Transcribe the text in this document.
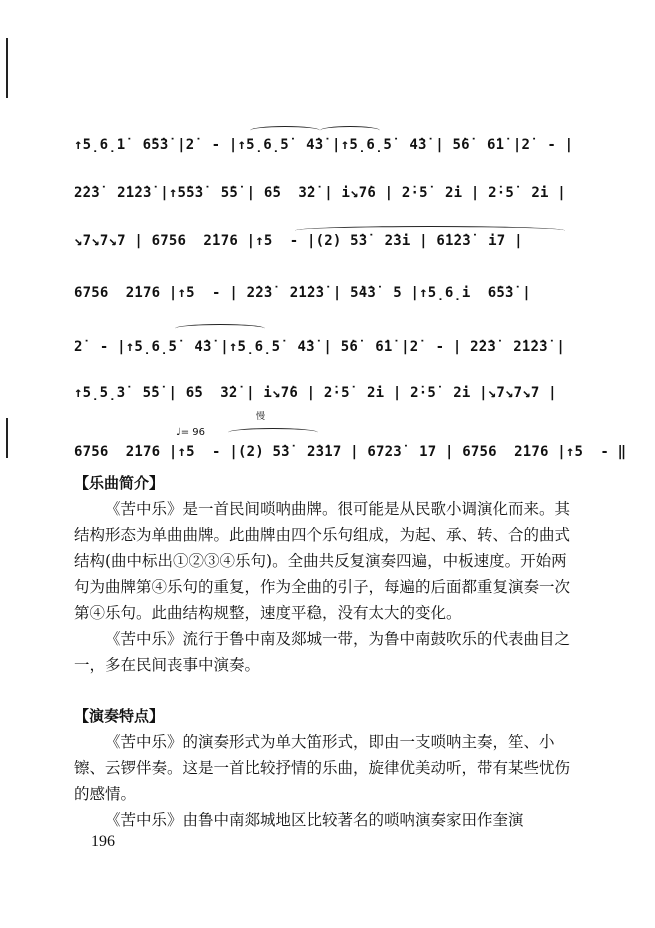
↑5̣6̣1̇  6̇5̇3̇ |2̇  - |↑5̣6̣5̇  4̇3̇ |↑5̣6̣5̇  4̇3̇ | 5̇6̇  6̇1̇ |2̇  - |
2̇2̇3̇  2̇1̇2̇3̇ |↑5̇5̇3̇  5̇5̇ | 6̇5  3̇2̇ | i↘7̇6 | 2̇·5̇  2̇i | 2̇·5̇  2̇i |
↘7↘7↘7 | 6756  2̇176 |↑5  - |(2) 5̇3̇  2̇3̇i | 6̇1̇2̇3̇  i7 |
6756  2̇176 |↑5  - | 2̇2̇3̇  2̇1̇2̇3̇ | 5̇4̇3̇  5 |↑5̣6̣i  6̇5̇3̇ |
2̇  - |↑5̣6̣5̇  4̇3̇ |↑5̣6̣5̇  4̇3̇ | 5̇6̇  6̇1̇ |2̇  - | 2̇2̇3̇  2̇1̇2̇3̇ |
↑5̣5̣3̇  5̇5̇ | 6̇5  3̇2̇ | i↘7̇6 | 2̇·5̇  2̇i | 2̇·5̇  2̇i |↘7↘7↘7 |
6756  2̇176 |↑5  - |(2) 5̇3̇  2̇3̇17 | 6723̇  17 | 6756  2̇176 |↑5  - ‖
♩= 96
慢
【乐曲简介】

《苦中乐》是一首民间唢呐曲牌。很可能是从民歌小调演化而来。其结构形态为单曲曲牌。此曲牌由四个乐句组成，为起、承、转、合的曲式结构(曲中标出①②③④乐句)。全曲共反复演奏四遍，中板速度。开始两句为曲牌第④乐句的重复，作为全曲的引子，每遍的后面都重复演奏一次第④乐句。此曲结构规整，速度平稳，没有太大的变化。

《苦中乐》流行于鲁中南及郯城一带，为鲁中南鼓吹乐的代表曲目之一，多在民间丧事中演奏。

【演奏特点】

《苦中乐》的演奏形式为单大笛形式，即由一支唢呐主奏，笙、小镲、云锣伴奏。这是一首比较抒情的乐曲，旋律优美动听，带有某些忧伤的感情。

《苦中乐》由鲁中南郯城地区比较著名的唢呐演奏家田作奎演

196
